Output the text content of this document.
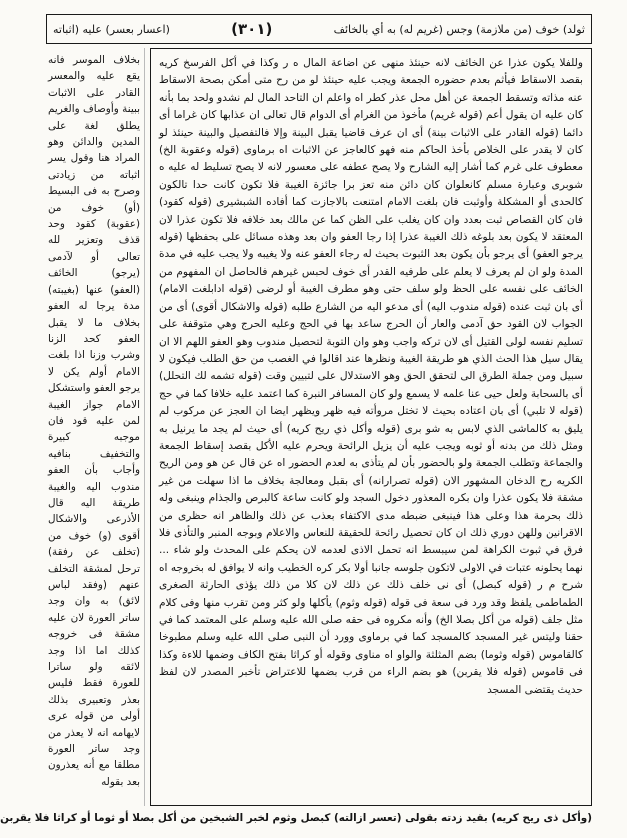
ثولد) خوف (من ملازمة) وجس (غريم له) به أي بالخائف
(٣٠١)
(اعسار بعسر) عليه (اثباته
وللفلا يكون عذرا عن الخائف لانه حينئذ منهى عن اضاعة المال ه ر وكذا في أكل الفرسخ كريه بقصد الاسقاط فيأثم بعدم حضوره الجمعة ويجب عليه حينئذ لو من رح متى أمكن بصحة الاسقاط عنه مذاته وتسقط الجمعة عن أهل محل عذر كطر اه واعلم ان التاحد المال لم نشدو ولحد بما بأنه كان عليه ان يقول أعم (قوله غريم) مأخوذ من الغرام أى الدوام قال تعالى ان عذابها كان غراما أى دائما (قوله القادر على الاثبات بينة) أى ان عرف قاضيا يقبل البينة وإلا فالتفصيل والبينة حينئذ لو كان لا يقدر على الخلاص بأخذ الحاكم منه فهو كالعاجز عن الاثبات اه برماوى (قوله وعقوبة الخ) معطوف على غرم كما أشار إليه الشارح ولا يصح عطفه على معسور لانه لا يصح تسليط له عليه ه شوبرى وعبارة مسلم كانعلوان كان دائن منه تعز برا جائزة الغيبة فلا تكون كانت حدا تالكون كالحدى أو المشكلة وأوثبت فان بلغت الامام امتنعت بالاجازت كما أفاده الشبشيرى (قوله كقود) فان كان القصاص ثبت بعدد وان كان يغلب على الظن كما عن مالك بعد خلافه فلا تكون عذرا لان المعتقد لا يكون بعد بلوغه ذلك الغيبة عذرا إذا رجا العفو وان بعد وهذه مسائل على بحفظها (قوله يرجو العفو) أى يرجو بأن يكون بعد الثبوت بحيث له رجاء العفو عنه ولا يغيبه ولا يجب عليه في مدة المدة ولو ان لم يعرف لا يعلم على طرفيه القدر أى خوف لحبس غيرهم فالحاصل ان المفهوم من الخائف على نفسه على الحظ ولو سلف حتى وهو مطرف الغيبة أو لرضى (قوله ادابلغت الامام) أى بان ثبت عنده (قوله مندوب اليه) أى مدعو اليه من الشارع طلبه (قوله والاشكال أقوى) أى من الجواب لان القود حق آدمى والعار أن الحرج ساعد بها في الحج وعليه الحرج وهي متوقفة على تسليم نفسه لولى القتيل أى لان تركه واجب وهو وان التوبة لتحصيل مندوب وهو العفو اللهم الا ان يقال سيل هذا الحث الذي هو طريقة الغيبة ونظرها عند اقالوا في الغصب من حق الطلب فيكون لا سبيل ومن جملة الطرق الى لتحقق الحق وهو الاستدلال على لتبيين وقت (قوله تشمه لك التحلل) أى بالسحابة ولعل حيى عنا علمه لا يسمع ولو كان المسافر النبرة كما اعتمد عليه خلافا كما في حج (قوله لا تلبي) أى بان اعتاده بحيث لا تختل مروأته فيه ظهر ويظهر ايضا ان العجز عن مركوب لم يليق به كالماشى الذي لابس به شو برى (قوله وأكل ذي ريح كريه) أى حيث لم يجد ما يرنيل به ومثل ذلك من بدنه أو ثوبه ويجب عليه أن يزيل الرائحة ويحرم عليه الأكل بقصد إسقاط الجمعة والجماعة وتطلب الجمعة ولو بالحضور بأن لم يتأذى به لعدم الحضور اه عن قال عن هو ومن الريح الكريه رح الدخان المشهور الان (قوله تصرارانه) أى بقبل ومعالجة بخلاف ما اذا سهلت من غير مشقة فلا يكون عذرا وان بكره المعذور دخول السجد ولو كانت ساعة كالبرص والجذام وينبغى وله ذلك بحرمة هذا وعلى هذا فينبغى ضبطه مدى الاكتفاء بعذب عن ذلك والظاهر انه حظرى من الاقرانين وللهن دوري ذلك ان كان تحصيل رائحة للحقيقة للنعاس والاعلام وبوجه المنبر والتأذى فلا فرق في ثبوت الكراهة لمن سيبسط انه تحمل الاذى لعدمه لان يحكم على المحدث ولو شاء ... نهما يحلونه عتبات في الاولى لاتكون جلوسه جانبا أولا بكر كره الخطيب وانه لا يوافق له بخروجه اه شرح م ر (قوله كبصل) أى نى خلف ذلك عن ذلك لان كلا من ذلك يؤذى الحارثة الصغرى الطماطمى يلفظ وقد ورد فى سعة فى قوله (قوله وثوم) يأكلها ولو كثر ومن تقرب منها وفى كلام مثل جلف (قوله من أكل بصلا الخ) وأنه مكروه فى حقه صلى الله عليه وسلم على المعتمد كما في حقنا وليتس غير المسجد كالمسجد كما في برماوى وورد أن النبى صلى الله عليه وسلم مطبوخا كالقاموس (قوله وثوما) بضم المثلثة والواو اه مناوى وقوله أو كراثا بفتح الكاف وضمها للاءة وكذا فى قاموس (قوله فلا يقربن) هو بضم الراء من قرب بضمها للاعتراض تأخبر المصدر لان لفظ حديث يقتضى المسجد
بخلاف الموسر فانه يقع عليه والمعسر القادر على الاثبات ببينة وأوصاف والغريم يطلق لغة على المدين والدائن وهو المراد هنا وقول يسر اثباته من زيادتى وصرح به فى البسيط (أو) خوف من (عقوبة) كقود وحد قذف وتعزير لله تعالى أو لآدمى (يرجو) الخائف (العفو) عنها (بغيبته) مدة يرجا له العفو بخلاف ما لا يقبل العفو كحد الزنا وشرب وزنا اذا بلغت الامام أولم يكن لا يرجو العفو واستشكل الامام جواز الغيبة لمن عليه قود فان موجبه كبيرة والتخفيف بنافيه وأجاب بأن العفو مندوب اليه والغيبة طريقة اليه قال الأذرعى والاشكال أقوى (و) خوف من (تخلف عن رفقة) ترحل لمشقة التخلف عنهم (وفقد لباس لائق) به وان وجد ساتر العورة لان عليه مشقة فى خروجه كذلك اما اذا وجد لائقه ولو ساترا للعورة فقط فليس بعذر وتعبيرى بذلك أولى من قوله عرى لايهامه انه لا يعذر من وجد ساتر العورة مطلقا مع أنه يعذرون بعد بقوله
(وأكل ذى ريح كريه) بقيد زدته بقولى (تعسر ازالته) كبصل وثوم لخبر الشيخين من أكل بصلا أو ثوما أو كراثا فلا يقربن
